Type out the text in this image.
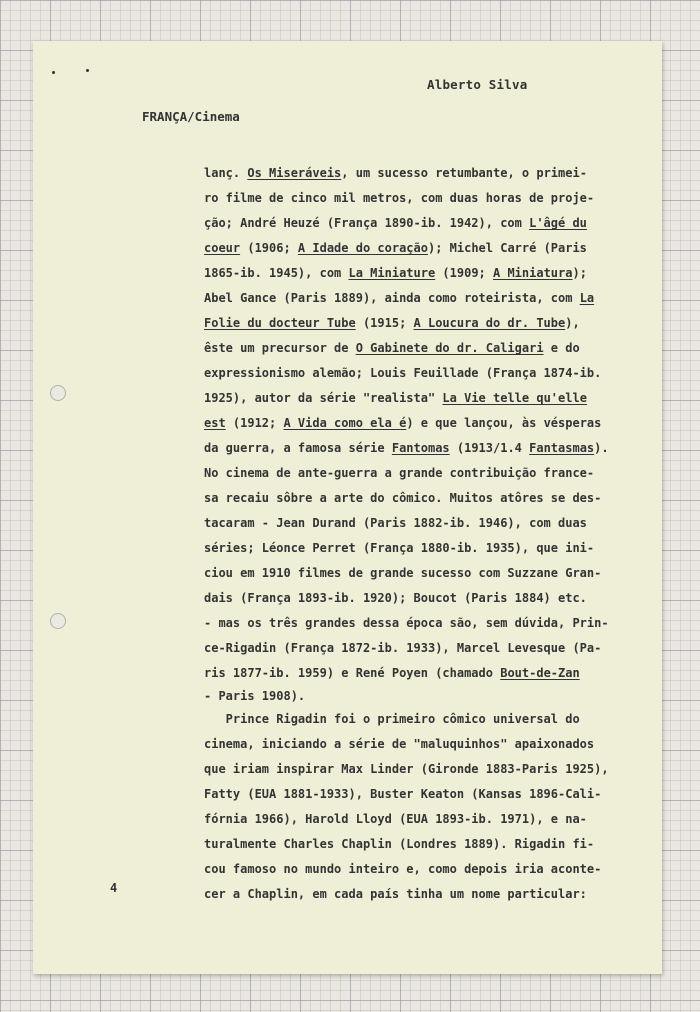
Alberto Silva
FRANÇA/Cinema
lanç. Os Miseráveis, um sucesso retumbante, o primei-
ro filme de cinco mil metros, com duas horas de proje-
ção; André Heuzé (França 1890-ib. 1942), com L'âgé du
coeur (1906; A Idade do coração); Michel Carré (Paris
1865-ib. 1945), com La Miniature (1909; A Miniatura);
Abel Gance (Paris 1889), ainda como roteirista, com La
Folie du docteur Tube (1915; A Loucura do dr. Tube),
êste um precursor de O Gabinete do dr. Caligari e do
expressionismo alemão; Louis Feuillade (França 1874-ib.
1925), autor da série "realista" La Vie telle qu'elle
est (1912; A Vida como ela é) e que lançou, às vésperas
da guerra, a famosa série Fantomas (1913/1.4 Fantasmas).
No cinema de ante-guerra a grande contribuição france-
sa recaiu sôbre a arte do cômico. Muitos atôres se des-
tacaram - Jean Durand (Paris 1882-ib. 1946), com duas
séries; Léonce Perret (França 1880-ib. 1935), que ini-
ciou em 1910 filmes de grande sucesso com Suzzane Gran-
dais (França 1893-ib. 1920); Boucot (Paris 1884) etc.
- mas os três grandes dessa época são, sem dúvida, Prin-
ce-Rigadin (França 1872-ib. 1933), Marcel Levesque (Pa-
ris 1877-ib. 1959) e René Poyen (chamado Bout-de-Zan
- Paris 1908).
Prince Rigadin foi o primeiro cômico universal do
cinema, iniciando a série de "maluquinhos" apaixonados
que iriam inspirar Max Linder (Gironde 1883-Paris 1925),
Fatty (EUA 1881-1933), Buster Keaton (Kansas 1896-Cali-
fórnia 1966), Harold Lloyd (EUA 1893-ib. 1971), e na-
turalmente Charles Chaplin (Londres 1889). Rigadin fi-
cou famoso no mundo inteiro e, como depois iria aconte-
cer a Chaplin, em cada país tinha um nome particular:
4
